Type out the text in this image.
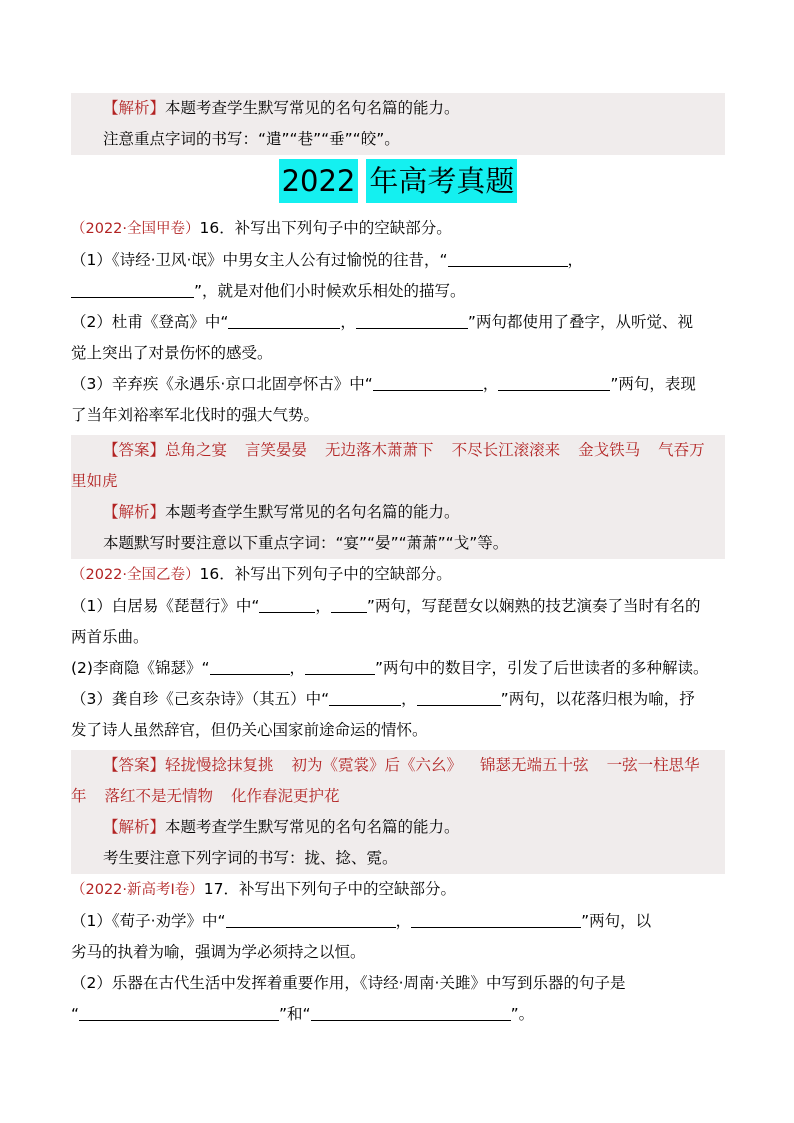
【解析】本题考查学生默写常见的名句名篇的能力。
注意重点字词的书写：“遣”“巷”“垂”“皎”。
2022 年高考真题
（2022·全国甲卷）16．补写出下列句子中的空缺部分。
（1）《诗经·卫风·氓》中男女主人公有过愉悦的往昔，“	，
”，就是对他们小时候欢乐相处的描写。
（2）杜甫《登高》中“	，	”两句都使用了叠字，从听觉、视
觉上突出了对景伤怀的感受。
（3）辛弃疾《永遇乐·京口北固亭怀古》中“	，	”两句，表现
了当年刘裕率军北伐时的强大气势。
【答案】总角之宴 言笑晏晏 无边落木萧萧下 不尽长江滚滚来 金戈铁马 气吞万
里如虎
【解析】本题考查学生默写常见的名句名篇的能力。
本题默写时要注意以下重点字词：“宴”“晏”“萧萧”“戈”等。
（2022·全国乙卷）16．补写出下列句子中的空缺部分。
（1）白居易《琵琶行》中“	， ”两句，写琵琶女以娴熟的技艺演奏了当时有名的
两首乐曲。
(2)李商隐《锦瑟》“	，	”两句中的数目字，引发了后世读者的多种解读。
（3）龚自珍《己亥杂诗》（其五）中“	，	”两句，以花落归根为喻，抒
发了诗人虽然辞官，但仍关心国家前途命运的情怀。
【答案】轻拢慢捻抹复挑 初为《霓裳》后《六幺》 锦瑟无端五十弦 一弦一柱思华
年 落红不是无情物 化作春泥更护花
【解析】本题考查学生默写常见的名句名篇的能力。
考生要注意下列字词的书写：拢、捻、霓。
（2022·新高考Ⅰ卷）17．补写出下列句子中的空缺部分。
（1）《荀子·劝学》中“	，	”两句，以
劣马的执着为喻，强调为学必须持之以恒。
（2）乐器在古代生活中发挥着重要作用，《诗经·周南·关雎》中写到乐器的句子是
“	”和“	”。
